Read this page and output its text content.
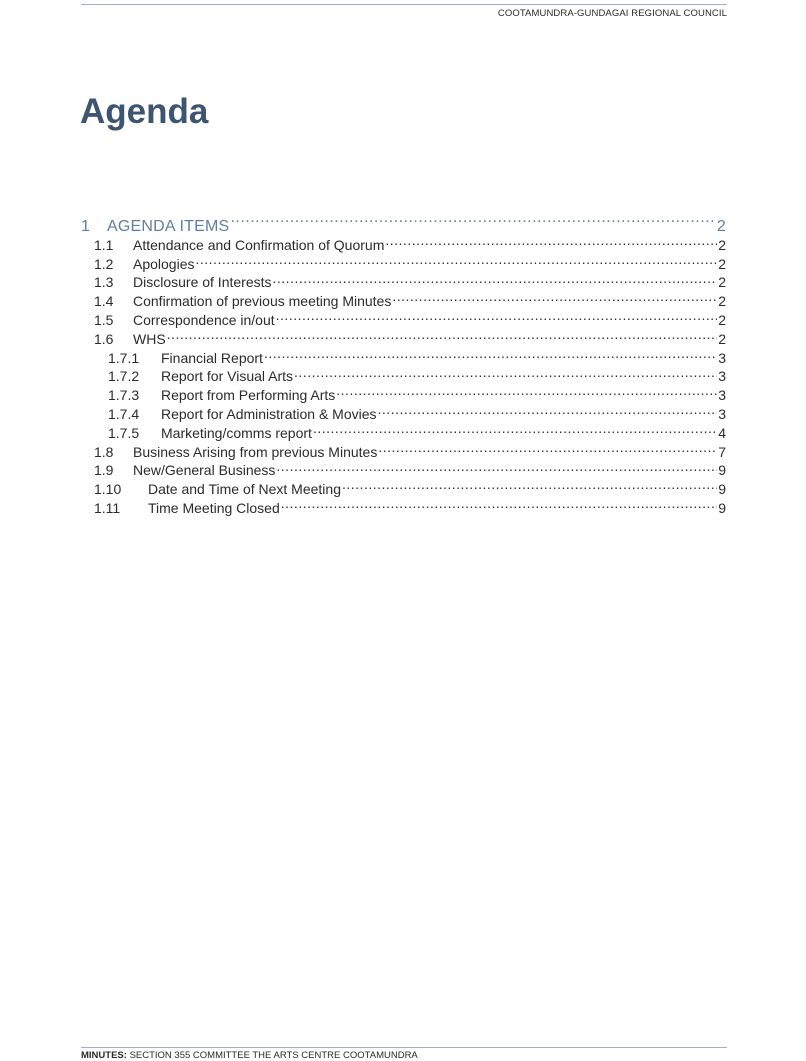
COOTAMUNDRA-GUNDAGAI REGIONAL COUNCIL
Agenda
1	AGENDA ITEMS .....	2
1.1	Attendance and Confirmation of Quorum .....	2
1.2	Apologies .....	2
1.3	Disclosure of Interests .....	2
1.4	Confirmation of previous meeting Minutes .....	2
1.5	Correspondence in/out .....	2
1.6	WHS .....	2
1.7.1	Financial Report .....	3
1.7.2	Report for Visual Arts .....	3
1.7.3	Report from Performing Arts .....	3
1.7.4	Report for Administration & Movies .....	3
1.7.5	Marketing/comms report .....	4
1.8	Business Arising from previous Minutes .....	7
1.9	New/General Business .....	9
1.10	Date and Time of Next Meeting .....	9
1.11	Time Meeting Closed .....	9
MINUTES: SECTION 355 COMMITTEE THE ARTS CENTRE COOTAMUNDRA
